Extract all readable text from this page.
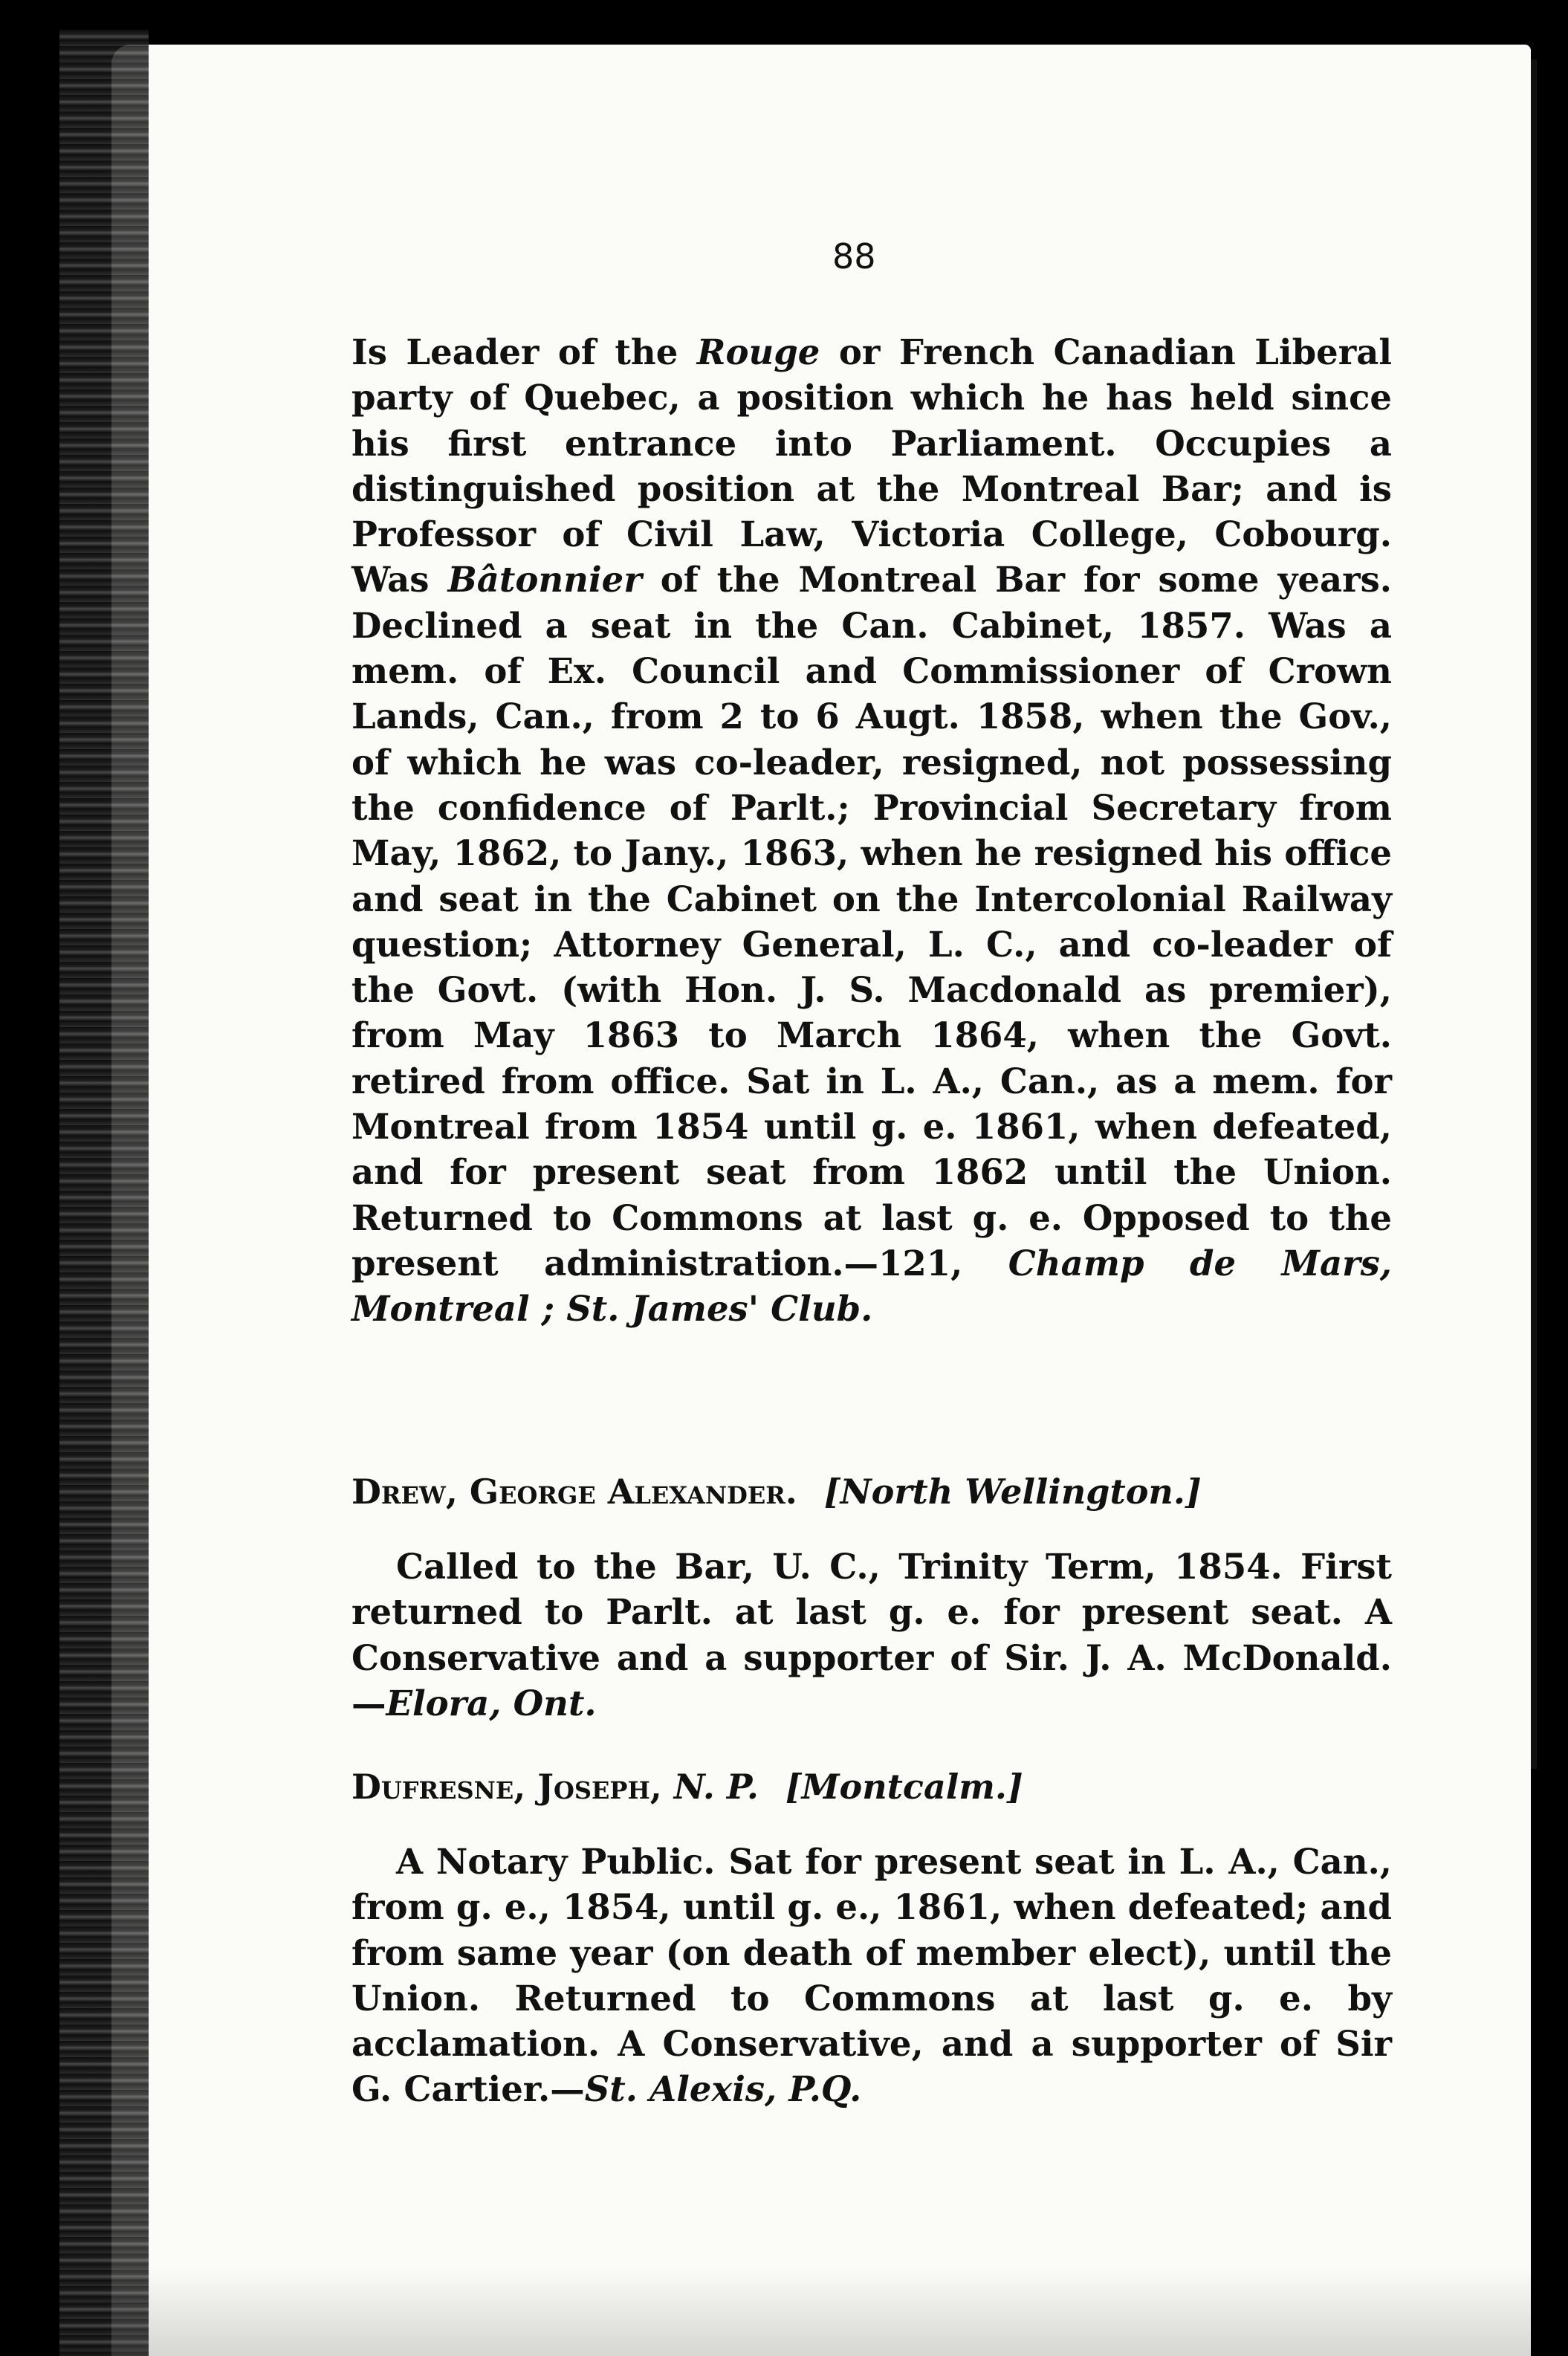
88

Is Leader of the Rouge or French Canadian Liberal party of Quebec, a position which he has held since his first entrance into Parliament. Occupies a distinguished position at the Montreal Bar; and is Professor of Civil Law, Victoria College, Cobourg. Was Bâtonnier of the Montreal Bar for some years. Declined a seat in the Can. Cabinet, 1857. Was a mem. of Ex. Council and Commissioner of Crown Lands, Can., from 2 to 6 Augt. 1858, when the Gov., of which he was co-leader, resigned, not possessing the confidence of Parlt.; Provincial Secretary from May, 1862, to Jany., 1863, when he resigned his office and seat in the Cabinet on the Intercolonial Railway question; Attorney General, L. C., and co-leader of the Govt. (with Hon. J. S. Macdonald as premier), from May 1863 to March 1864, when the Govt. retired from office. Sat in L. A., Can., as a mem. for Montreal from 1854 until g. e. 1861, when defeated, and for present seat from 1862 until the Union. Returned to Commons at last g. e. Opposed to the present administration.—121, Champ de Mars, Montreal ; St. James' Club.

Drew, George Alexander. [North Wellington.]

Called to the Bar, U. C., Trinity Term, 1854. First returned to Parlt. at last g. e. for present seat. A Conservative and a supporter of Sir. J. A. McDonald.—Elora, Ont.

Dufresne, Joseph, N. P. [Montcalm.]

A Notary Public. Sat for present seat in L. A., Can., from g. e., 1854, until g. e., 1861, when defeated; and from same year (on death of member elect), until the Union. Returned to Commons at last g. e. by acclamation. A Conservative, and a supporter of Sir G. Cartier.—St. Alexis, P.Q.
